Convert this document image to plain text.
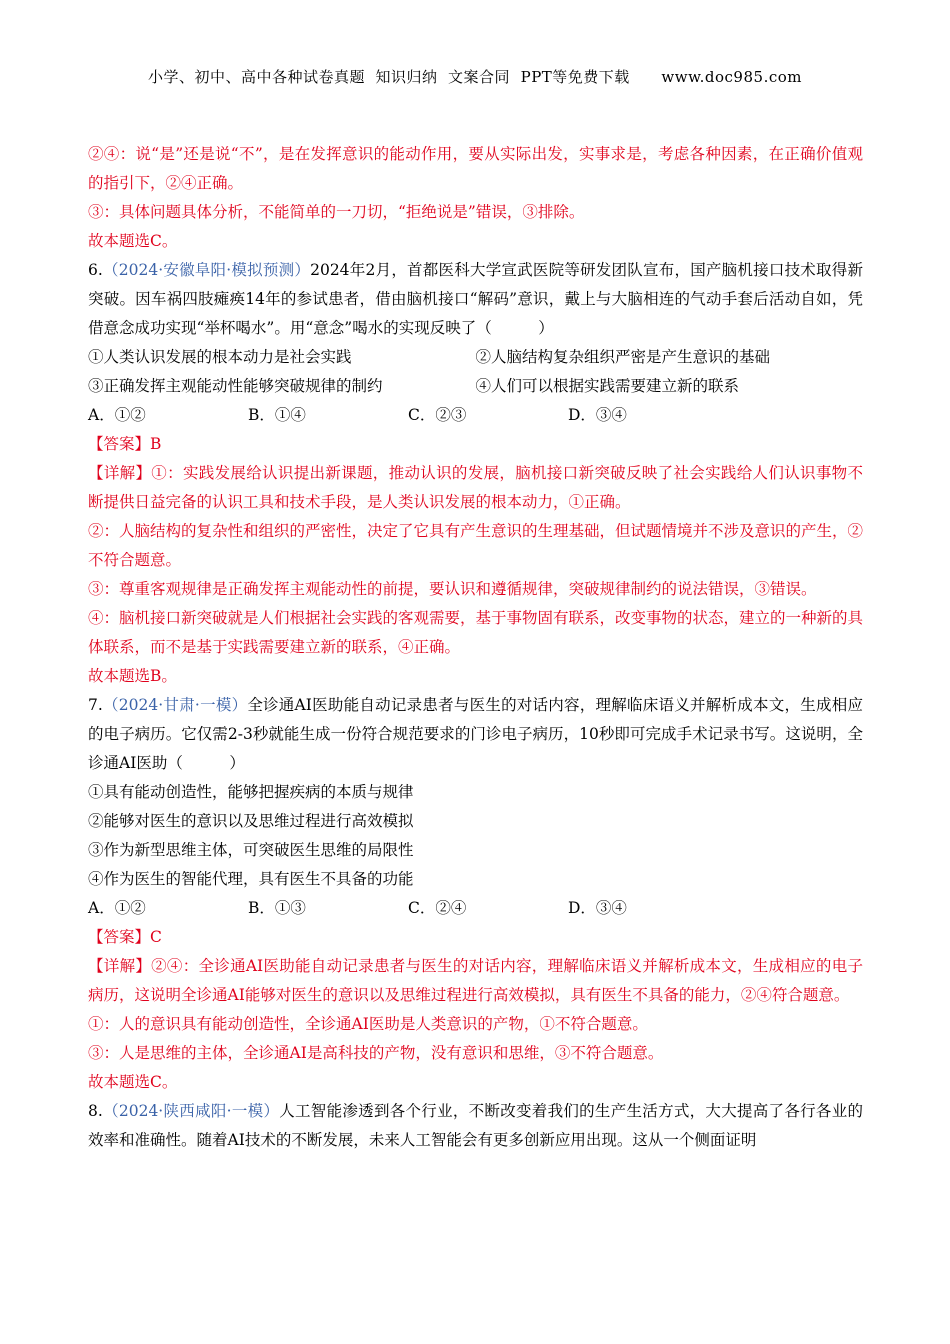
小学、初中、高中各种试卷真题  知识归纳  文案合同  PPT等免费下载      www.doc985.com

②④：说“是”还是说“不”，是在发挥意识的能动作用，要从实际出发，实事求是，考虑各种因素，在正确价值观的指引下，②④正确。

③：具体问题具体分析，不能简单的一刀切，“拒绝说是”错误，③排除。

故本题选C。

6.（2024·安徽阜阳·模拟预测）2024年2月，首都医科大学宣武医院等研发团队宣布，国产脑机接口技术取得新突破。因车祸四肢瘫痪14年的参试患者，借由脑机接口“解码”意识，戴上与大脑相连的气动手套后活动自如，凭借意念成功实现“举杯喝水”。用“意念”喝水的实现反映了（　　　）

①人类认识发展的根本动力是社会实践	②人脑结构复杂组织严密是产生意识的基础
③正确发挥主观能动性能够突破规律的制约	④人们可以根据实践需要建立新的联系
A．①②	B．①④	C．②③	D．③④

【答案】B

【详解】①：实践发展给认识提出新课题，推动认识的发展，脑机接口新突破反映了社会实践给人们认识事物不断提供日益完备的认识工具和技术手段，是人类认识发展的根本动力，①正确。

②：人脑结构的复杂性和组织的严密性，决定了它具有产生意识的生理基础，但试题情境并不涉及意识的产生，②不符合题意。

③：尊重客观规律是正确发挥主观能动性的前提，要认识和遵循规律，突破规律制约的说法错误，③错误。

④：脑机接口新突破就是人们根据社会实践的客观需要，基于事物固有联系，改变事物的状态，建立的一种新的具体联系，而不是基于实践需要建立新的联系，④正确。

故本题选B。

7.（2024·甘肃·一模）全诊通AI医助能自动记录患者与医生的对话内容，理解临床语义并解析成本文，生成相应的电子病历。它仅需2-3秒就能生成一份符合规范要求的门诊电子病历，10秒即可完成手术记录书写。这说明，全诊通AI医助（　　　）

①具有能动创造性，能够把握疾病的本质与规律

②能够对医生的意识以及思维过程进行高效模拟

③作为新型思维主体，可突破医生思维的局限性

④作为医生的智能代理，具有医生不具备的功能

A．①②	B．①③	C．②④	D．③④

【答案】C

【详解】②④：全诊通AI医助能自动记录患者与医生的对话内容，理解临床语义并解析成本文，生成相应的电子病历，这说明全诊通AI能够对医生的意识以及思维过程进行高效模拟，具有医生不具备的能力，②④符合题意。

①：人的意识具有能动创造性，全诊通AI医助是人类意识的产物，①不符合题意。

③：人是思维的主体，全诊通AI是高科技的产物，没有意识和思维，③不符合题意。

故本题选C。

8.（2024·陕西咸阳·一模）人工智能渗透到各个行业，不断改变着我们的生产生活方式，大大提高了各行各业的效率和准确性。随着AI技术的不断发展，未来人工智能会有更多创新应用出现。这从一个侧面证明
